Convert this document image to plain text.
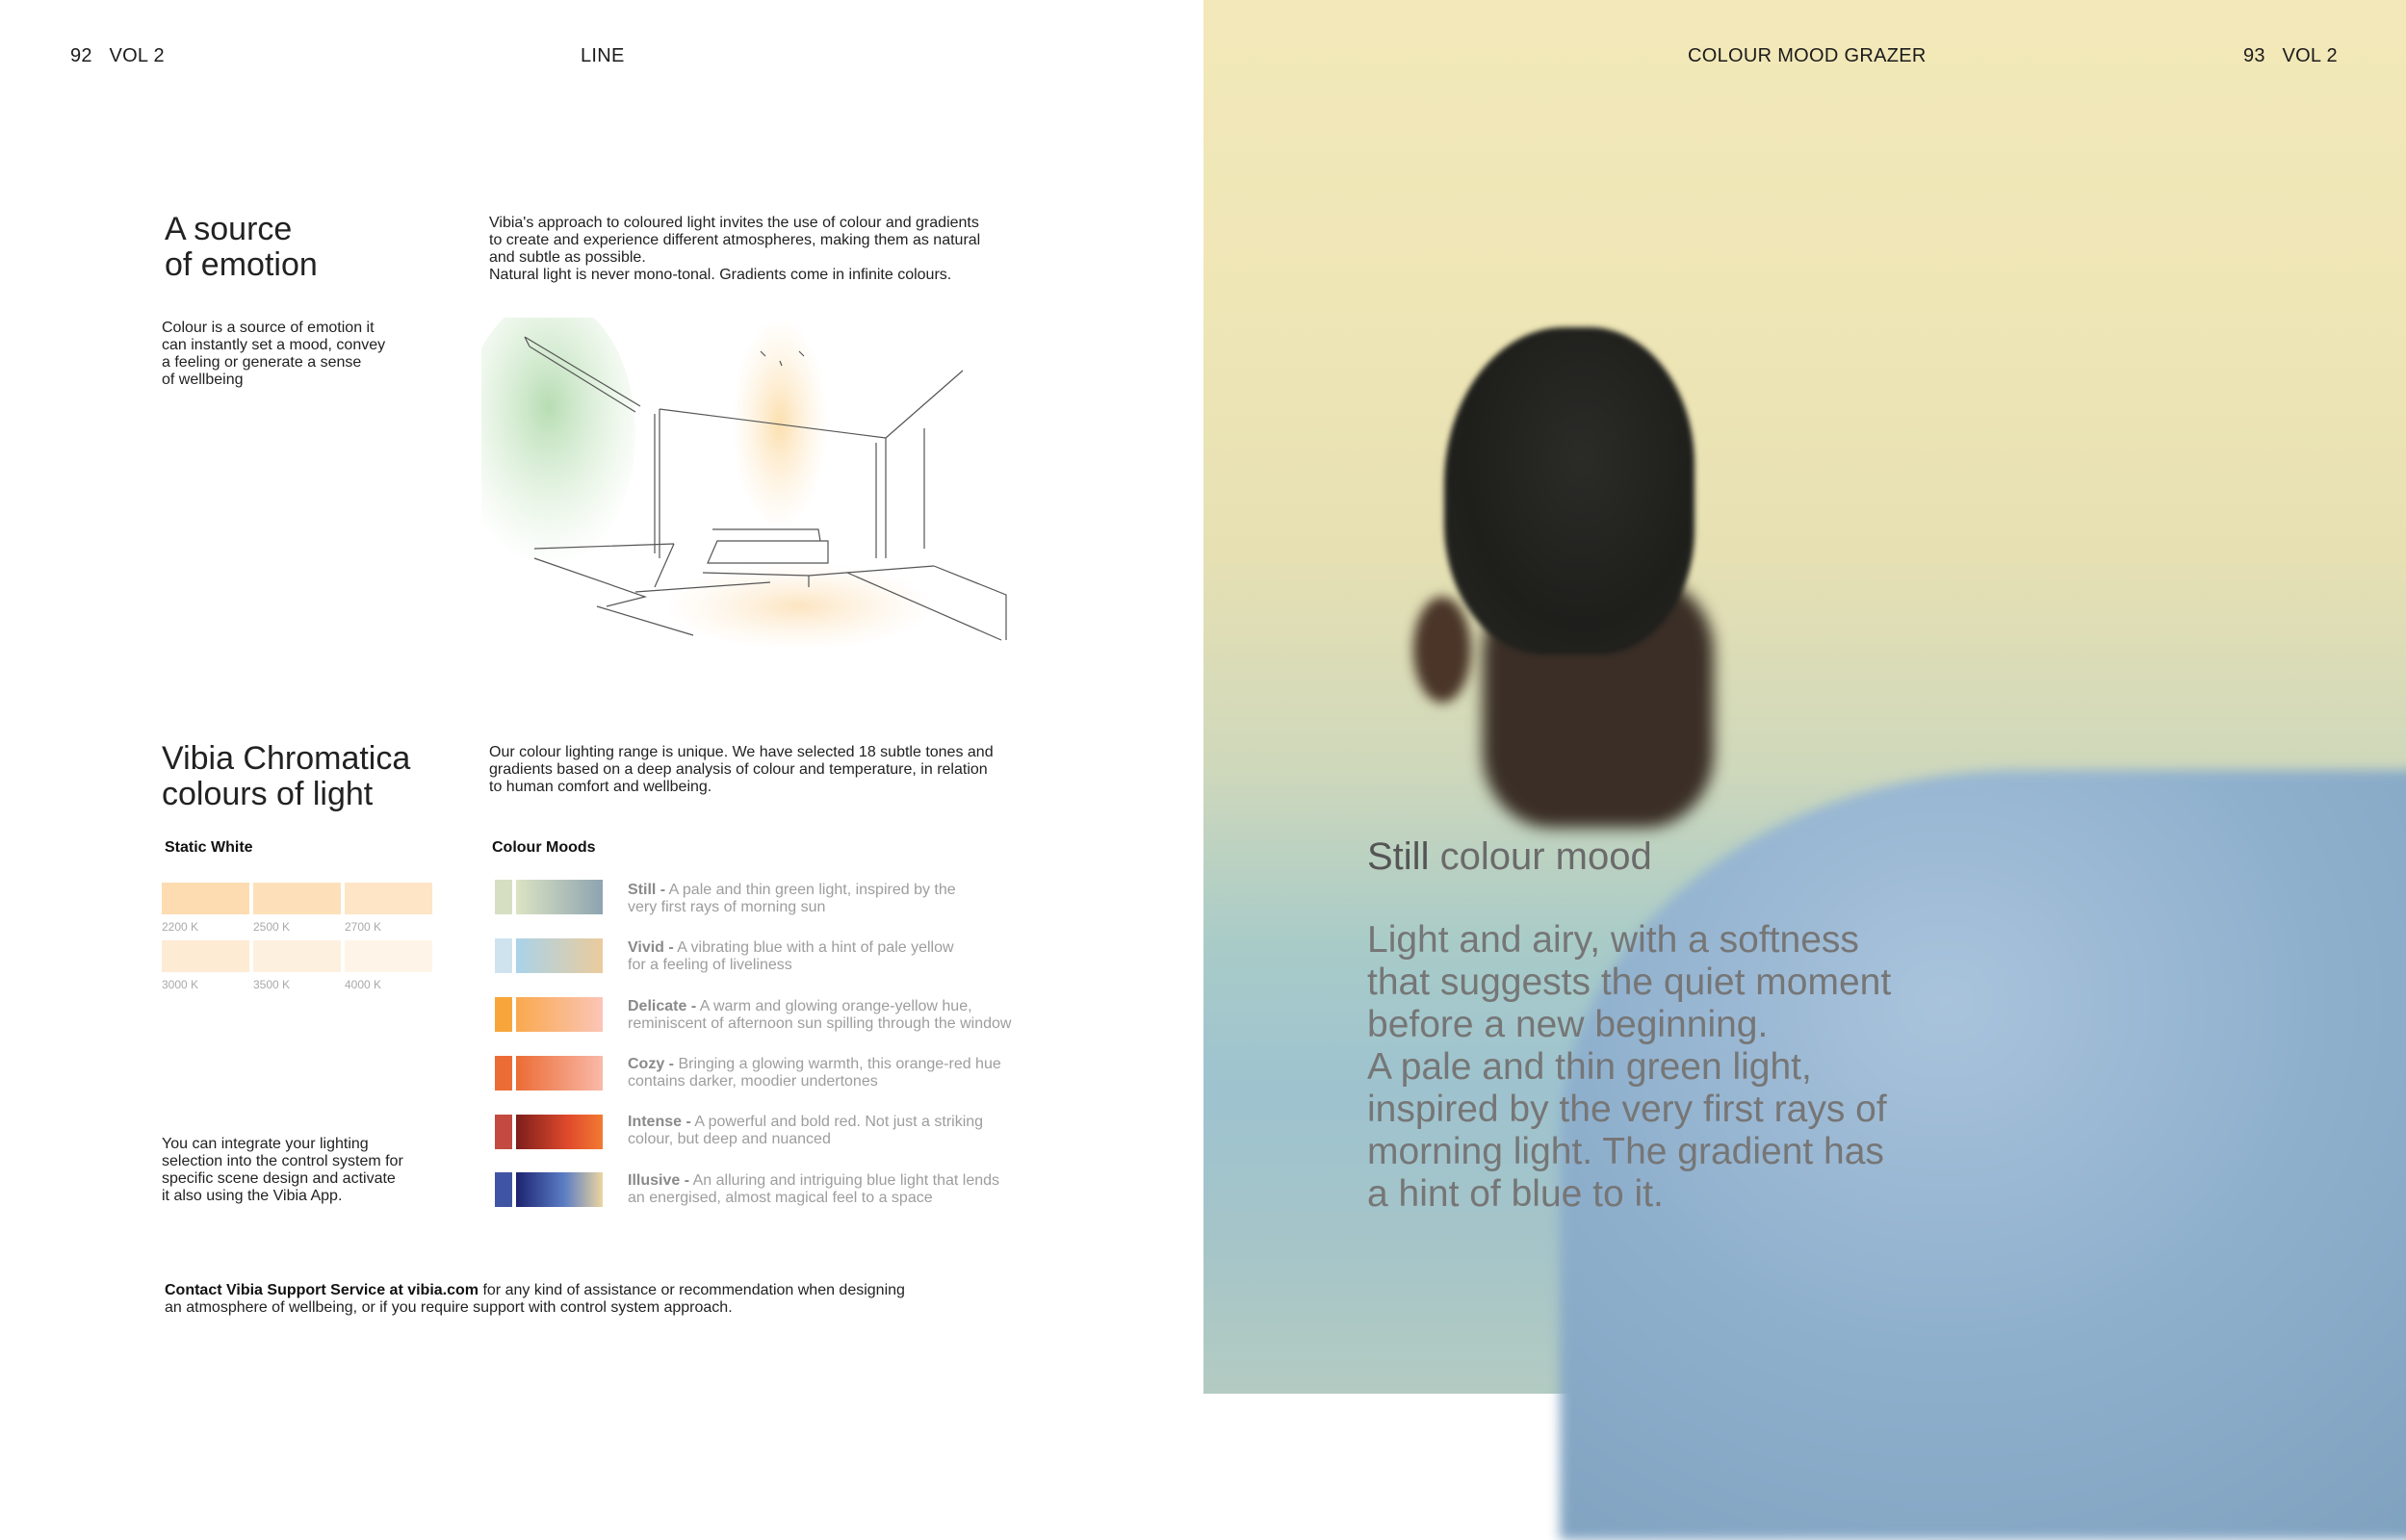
92 VOL 2	LINE
A source
of emotion
Colour is a source of emotion it
can instantly set a mood, convey
a feeling or generate a sense
of wellbeing
Vibia's approach to coloured light invites the use of colour and gradients
to create and experience different atmospheres, making them as natural
and subtle as possible.
Natural light is never mono-tonal. Gradients come in infinite colours.
Vibia Chromatica
colours of light
Our colour lighting range is unique. We have selected 18 subtle tones and
gradients based on a deep analysis of colour and temperature, in relation
to human comfort and wellbeing.
Static White
2200 K	2500 K	2700 K
3000 K	3500 K	4000 K
Colour Moods
Still - A pale and thin green light, inspired by the
very first rays of morning sun
Vivid - A vibrating blue with a hint of pale yellow
for a feeling of liveliness
Delicate - A warm and glowing orange-yellow hue,
reminiscent of afternoon sun spilling through the window
Cozy - Bringing a glowing warmth, this orange-red hue
contains darker, moodier undertones
Intense - A powerful and bold red. Not just a striking
colour, but deep and nuanced
Illusive - An alluring and intriguing blue light that lends
an energised, almost magical feel to a space
You can integrate your lighting
selection into the control system for
specific scene design and activate
it also using the Vibia App.
Contact Vibia Support Service at vibia.com for any kind of assistance or recommendation when designing
an atmosphere of wellbeing, or if you require support with control system approach.
COLOUR MOOD GRAZER	93 VOL 2
Still colour mood
Light and airy, with a softness
that suggests the quiet moment
before a new beginning.
A pale and thin green light,
inspired by the very first rays of
morning light. The gradient has
a hint of blue to it.
